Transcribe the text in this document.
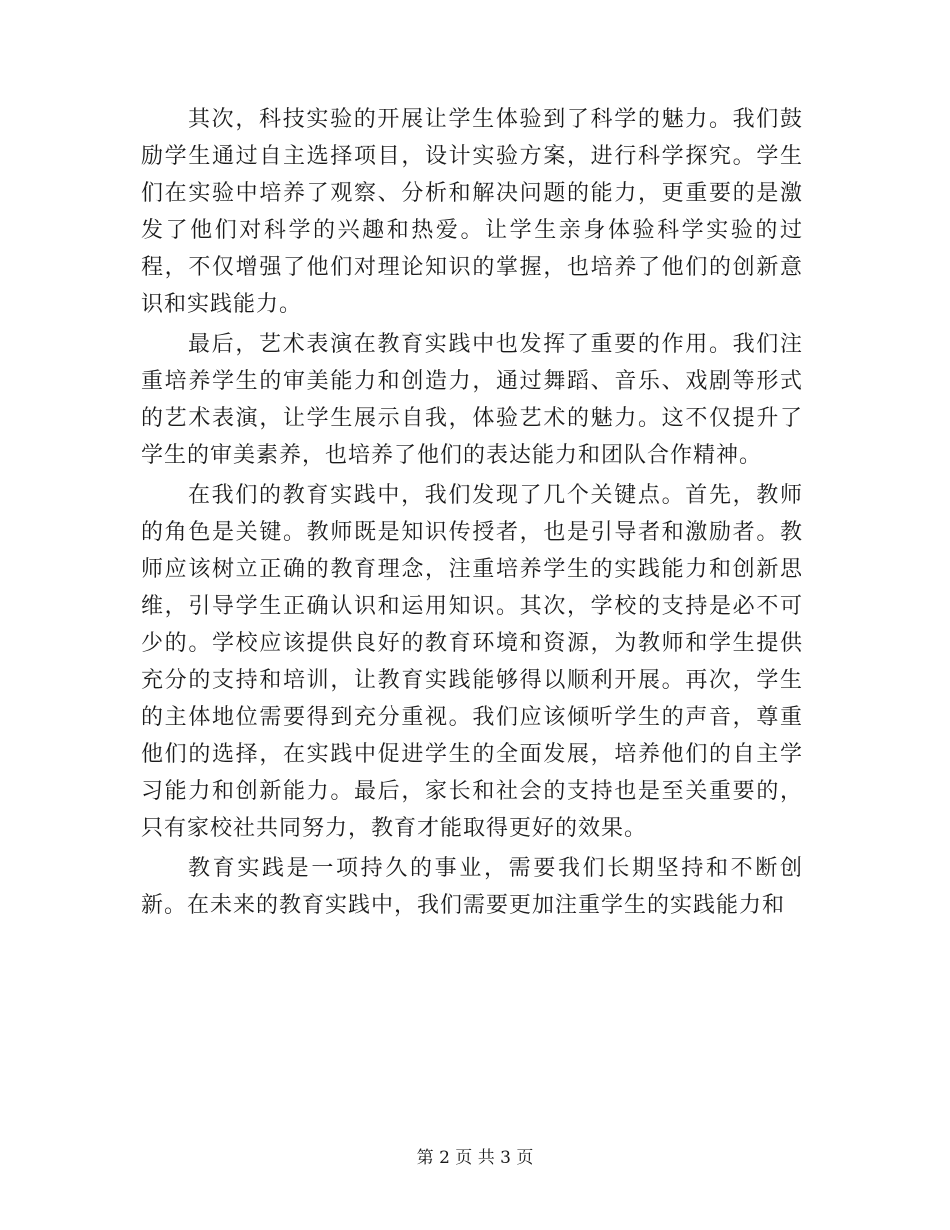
其次，科技实验的开展让学生体验到了科学的魅力。我们鼓励学生通过自主选择项目，设计实验方案，进行科学探究。学生们在实验中培养了观察、分析和解决问题的能力，更重要的是激发了他们对科学的兴趣和热爱。让学生亲身体验科学实验的过程，不仅增强了他们对理论知识的掌握，也培养了他们的创新意识和实践能力。

最后，艺术表演在教育实践中也发挥了重要的作用。我们注重培养学生的审美能力和创造力，通过舞蹈、音乐、戏剧等形式的艺术表演，让学生展示自我，体验艺术的魅力。这不仅提升了学生的审美素养，也培养了他们的表达能力和团队合作精神。

在我们的教育实践中，我们发现了几个关键点。首先，教师的角色是关键。教师既是知识传授者，也是引导者和激励者。教师应该树立正确的教育理念，注重培养学生的实践能力和创新思维，引导学生正确认识和运用知识。其次，学校的支持是必不可少的。学校应该提供良好的教育环境和资源，为教师和学生提供充分的支持和培训，让教育实践能够得以顺利开展。再次，学生的主体地位需要得到充分重视。我们应该倾听学生的声音，尊重他们的选择，在实践中促进学生的全面发展，培养他们的自主学习能力和创新能力。最后，家长和社会的支持也是至关重要的，只有家校社共同努力，教育才能取得更好的效果。

教育实践是一项持久的事业，需要我们长期坚持和不断创新。在未来的教育实践中，我们需要更加注重学生的实践能力和

第 2 页 共 3 页
